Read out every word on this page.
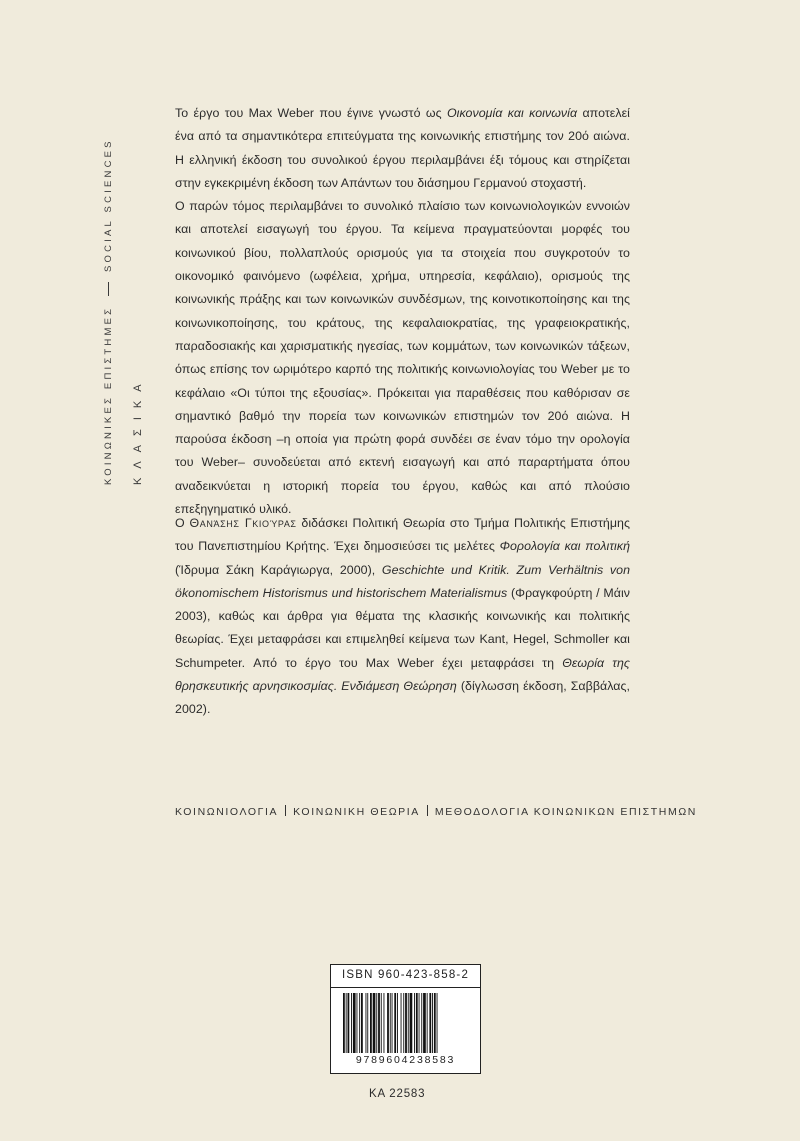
ΚΟΙΝΩΝΙΚΕΣ ΕΠΙΣΤΗΜΕΣ
SOCIAL SCIENCES
ΚΛΑΣΙΚΑ

Το έργο του Max Weber που έγινε γνωστό ως Οικονομία και κοινωνία αποτελεί ένα από τα σημαντικότερα επιτεύγματα της κοινωνικής επιστήμης τον 20ό αιώνα. Η ελληνική έκδοση του συνολικού έργου περιλαμβάνει έξι τόμους και στηρίζεται στην εγκεκριμένη έκδοση των Απάντων του διάσημου Γερμανού στοχαστή.

Ο παρών τόμος περιλαμβάνει το συνολικό πλαίσιο των κοινωνιολογικών εννοιών και αποτελεί εισαγωγή του έργου. Τα κείμενα πραγματεύονται μορφές του κοινωνικού βίου, πολλαπλούς ορισμούς για τα στοιχεία που συγκροτούν το οικονομικό φαινόμενο (ωφέλεια, χρήμα, υπηρεσία, κεφάλαιο), ορισμούς της κοινωνικής πράξης και των κοινωνικών συνδέσμων, της κοινοτικοποίησης και της κοινωνικοποίησης, του κράτους, της κεφαλαιοκρατίας, της γραφειοκρατικής, παραδοσιακής και χαρισματικής ηγεσίας, των κομμάτων, των κοινωνικών τάξεων, όπως επίσης τον ωριμότερο καρπό της πολιτικής κοινωνιολογίας του Weber με το κεφάλαιο «Οι τύποι της εξουσίας». Πρόκειται για παραθέσεις που καθόρισαν σε σημαντικό βαθμό την πορεία των κοινωνικών επιστημών τον 20ό αιώνα. Η παρούσα έκδοση –η οποία για πρώτη φορά συνδέει σε έναν τόμο την ορολογία του Weber– συνοδεύεται από εκτενή εισαγωγή και από παραρτήματα όπου αναδεικνύεται η ιστορική πορεία του έργου, καθώς και από πλούσιο επεξηγηματικό υλικό.

Ο Θανάσης Γκιούρας διδάσκει Πολιτική Θεωρία στο Τμήμα Πολιτικής Επιστήμης του Πανεπιστημίου Κρήτης. Έχει δημοσιεύσει τις μελέτες Φορολογία και πολιτική (Ίδρυμα Σάκη Καράγιωργα, 2000), Geschichte und Kritik. Zum Verhältnis von ökonomischem Historismus und historischem Materialismus (Φραγκφούρτη / Μάιν 2003), καθώς και άρθρα για θέματα της κλασικής κοινωνικής και πολιτικής θεωρίας. Έχει μεταφράσει και επιμεληθεί κείμενα των Kant, Hegel, Schmoller και Schumpeter. Από το έργο του Max Weber έχει μεταφράσει τη Θεωρία της θρησκευτικής αρνησικοσμίας. Ενδιάμεση Θεώρηση (δίγλωσση έκδοση, Σαββάλας, 2002).

ΚΟΙΝΩΝΙΟΛΟΓΙΑ ΚΟΙΝΩΝΙΚΗ ΘΕΩΡΙΑ ΜΕΘΟΔΟΛΟΓΙΑ ΚΟΙΝΩΝΙΚΩΝ ΕΠΙΣΤΗΜΩΝ
ISBN 960-423-858-2
9789604238583
ΚΑ 22583
